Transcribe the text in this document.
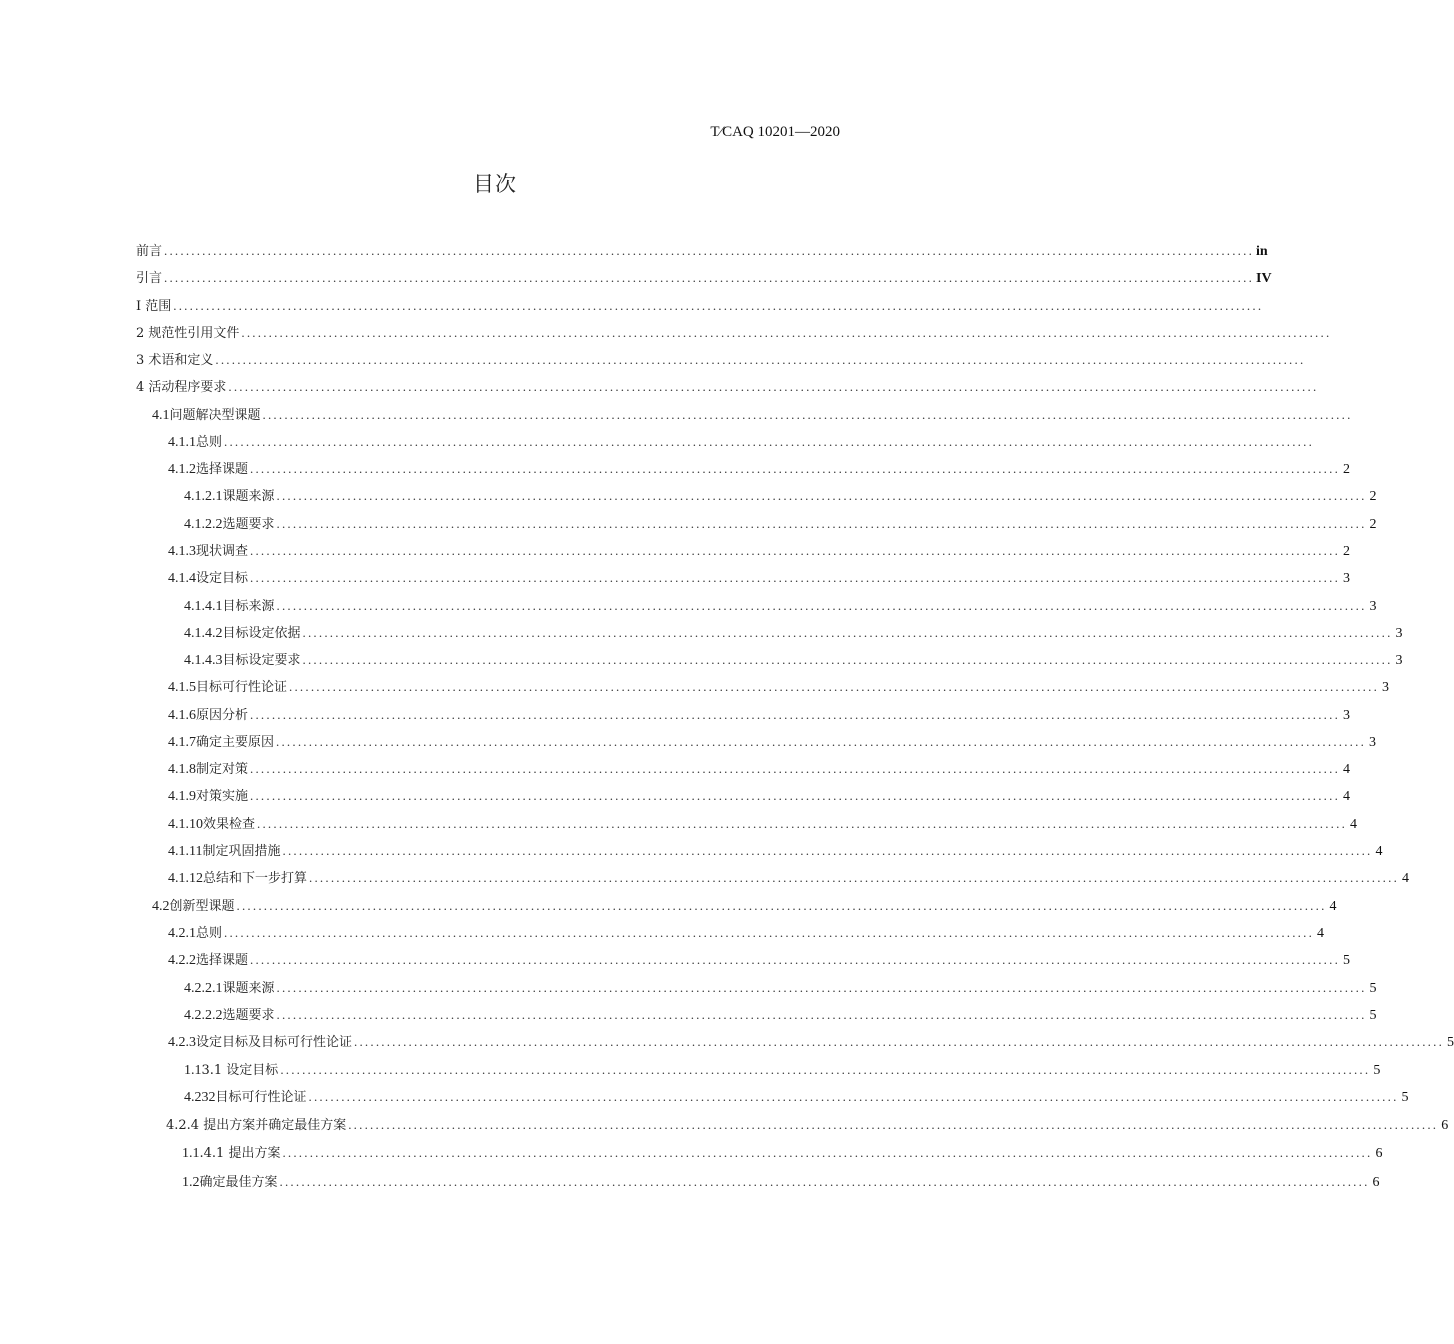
T⁄CAQ 10201—2020
目次
前言 ........................................................................................................................................................................................................ in
引言 ........................................................................................................................................................................................................ IV
I 范围 ........................................................................................................................................................................................................
2 规范性引用文件 ........................................................................................................................................................................................................
3 术语和定义 ........................................................................................................................................................................................................
4 活动程序要求 ........................................................................................................................................................................................................
4.1 问题解决型课题 ........................................................................................................................................................................................................
4.1.1 总则 ........................................................................................................................................................................................................
4.1.2 选择课题 ........................................................................................................................................................................................................ 2
4.1.2.1 课题来源 ........................................................................................................................................................................................................ 2
4.1.2.2 选题要求 ........................................................................................................................................................................................................ 2
4.1.3 现状调查 ........................................................................................................................................................................................................ 2
4.1.4 设定目标 ........................................................................................................................................................................................................ 3
4.1.4.1 目标来源 ........................................................................................................................................................................................................ 3
4.1.4.2 目标设定依据 ........................................................................................................................................................................................................ 3
4.1.4.3 目标设定要求 ........................................................................................................................................................................................................ 3
4.1.5 目标可行性论证 ........................................................................................................................................................................................................ 3
4.1.6 原因分析 ........................................................................................................................................................................................................ 3
4.1.7 确定主要原因 ........................................................................................................................................................................................................ 3
4.1.8 制定对策 ........................................................................................................................................................................................................ 4
4.1.9 对策实施 ........................................................................................................................................................................................................ 4
4.1.10 效果检查 ........................................................................................................................................................................................................ 4
4.1.11 制定巩固措施 ........................................................................................................................................................................................................ 4
4.1.12 总结和下一步打算 ........................................................................................................................................................................................................ 4
4.2 创新型课题 ........................................................................................................................................................................................................ 4
4.2.1 总则 ........................................................................................................................................................................................................ 4
4.2.2 选择课题 ........................................................................................................................................................................................................ 5
4.2.2.1 课题来源 ........................................................................................................................................................................................................ 5
4.2.2.2 选题要求 ........................................................................................................................................................................................................ 5
4.2.3 设定目标及目标可行性论证 ........................................................................................................................................................................................................ 5
1.1 3.1 设定目标 ........................................................................................................................................................................................................ 5
4.232 目标可行性论证 ........................................................................................................................................................................................................ 5
4.2.4 提出方案并确定最佳方案 ........................................................................................................................................................................................................ 6
1.1 .4.1 提出方案 ........................................................................................................................................................................................................ 6
1.2 确定最佳方案 ........................................................................................................................................................................................................ 6
